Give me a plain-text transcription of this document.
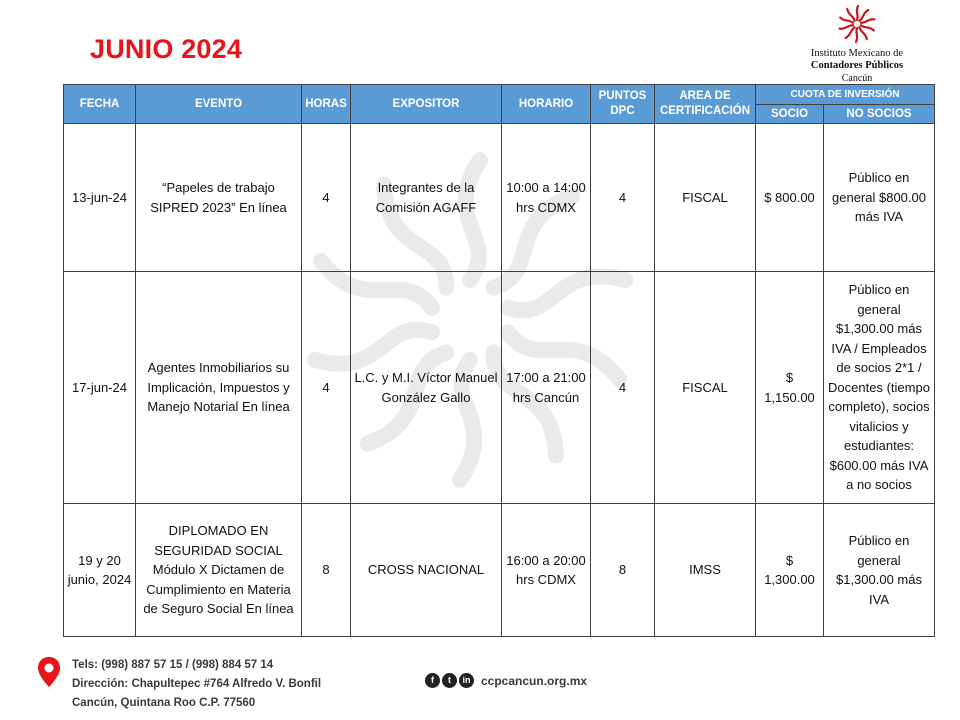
JUNIO 2024	Instituto Mexicano de
Contadores Públicos
Cancún
FECHA	EVENTO	HORAS	EXPOSITOR	HORARIO	PUNTOS DPC	AREA DE CERTIFICACIÓN	CUOTA DE INVERSIÓN	
							SOCIO	NO SOCIOS
13-jun-24	“Papeles de trabajo SIPRED 2023” En línea	4	Integrantes de la Comisión AGAFF	10:00 a 14:00 hrs CDMX	4	FISCAL	$ 800.00	Público en general $800.00 más IVA
17-jun-24	Agentes Inmobiliarios su Implicación, Impuestos y Manejo Notarial En línea	4	L.C. y M.I. Víctor Manuel González Gallo	17:00 a 21:00 hrs Cancún	4	FISCAL	$ 1,150.00	Público en general $1,300.00 más IVA / Empleados de socios 2*1 / Docentes (tiempo completo), socios vitalicios y estudiantes: $600.00 más IVA a no socios
19 y 20 junio, 2024	DIPLOMADO EN SEGURIDAD SOCIAL Módulo X Dictamen de Cumplimiento en Materia de Seguro Social En línea	8	CROSS NACIONAL	16:00 a 20:00 hrs CDMX	8	IMSS	$ 1,300.00	Público en general $1,300.00 más IVA
Tels: (998) 887 57 15 / (998) 884 57 14
Dirección: Chapultepec #764 Alfredo V. Bonfil
Cancún, Quintana Roo C.P. 77560
f	t	in ccpcancun.org.mx
